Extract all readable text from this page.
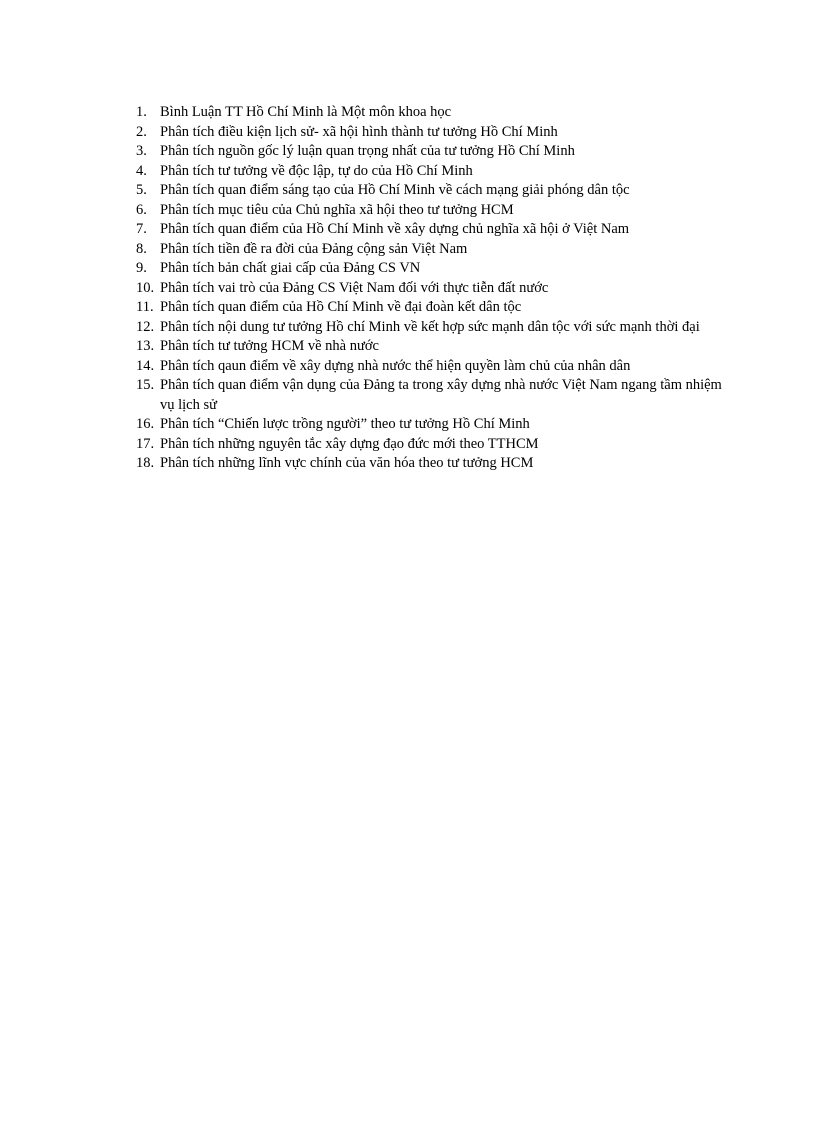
1. Bình Luận TT Hồ Chí Minh là Một môn khoa học
2. Phân tích điều kiện lịch sử- xã hội hình thành tư tưởng Hồ Chí Minh
3. Phân tích nguồn gốc lý luận quan trọng nhất của tư tưởng Hồ Chí Minh
4. Phân tích tư tưởng về độc lập, tự do của Hồ Chí Minh
5. Phân tích quan điểm sáng tạo của Hồ Chí Minh về cách mạng giải phóng dân tộc
6. Phân tích mục tiêu của Chủ nghĩa xã hội theo tư tưởng HCM
7. Phân tích quan điểm của Hồ Chí Minh về xây dựng chủ nghĩa xã hội ở Việt Nam
8. Phân tích tiền đề ra đời của Đảng cộng sản Việt Nam
9. Phân tích bản chất giai cấp của Đảng CS VN
10. Phân tích vai trò của Đảng CS Việt Nam đối với thực tiễn đất nước
11. Phân tích quan điểm của Hồ Chí Minh về đại đoàn kết dân tộc
12. Phân tích nội dung tư tưởng Hồ chí Minh về kết hợp sức mạnh dân tộc với sức mạnh thời đại
13. Phân tích tư tưởng HCM về nhà nước
14. Phân tích qaun điểm về xây dựng nhà nước thể hiện quyền làm chủ của nhân dân
15. Phân tích quan điểm vận dụng của Đảng ta trong xây dựng nhà nước Việt Nam ngang tầm nhiệm vụ lịch sử
16. Phân tích “Chiến lược trồng người” theo tư tưởng Hồ Chí Minh
17. Phân tích những nguyên tắc xây dựng đạo đức mới theo TTHCM
18. Phân tích những lĩnh vực chính của văn hóa theo tư tưởng HCM
